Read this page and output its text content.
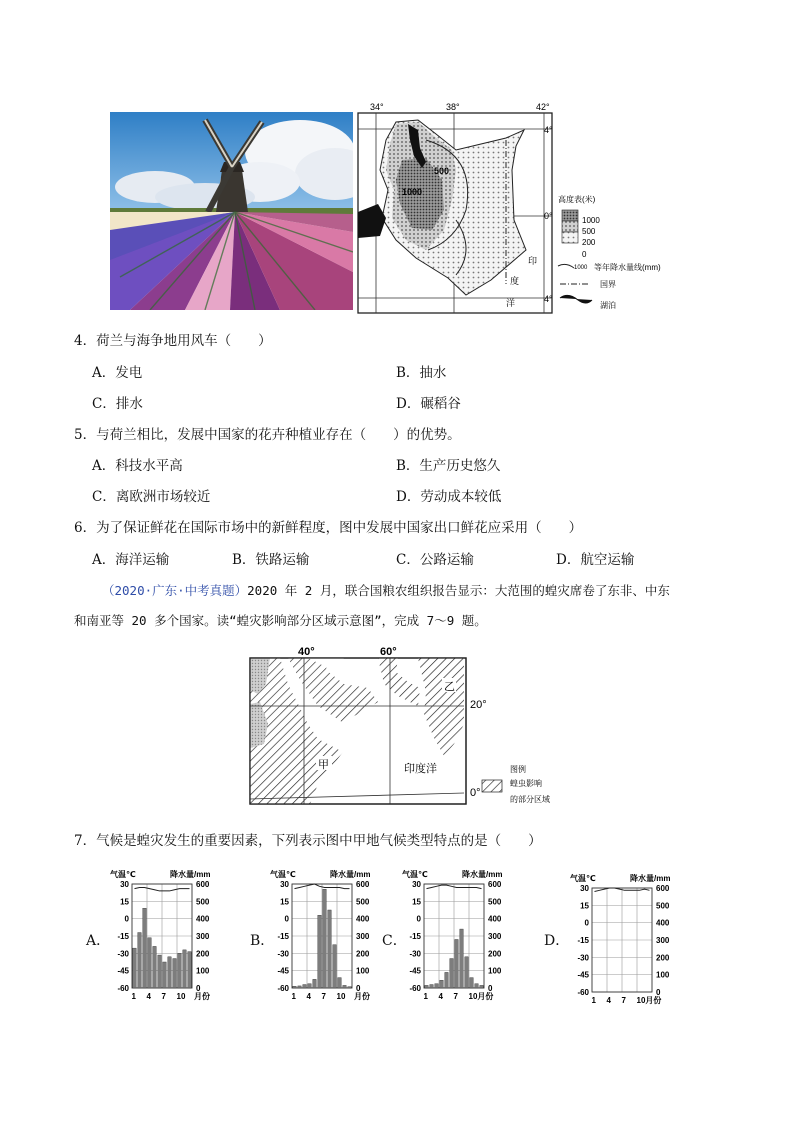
34°	38°	42°
4°
0°
4°
500
1000
印
度
洋
高度表(米)
1000
500
200
0
1000 等年降水量线(mm)
国界
湖泊
4．荷兰与海争地用风车（　　）
A．发电	B．抽水
C．排水	D．碾稻谷
5．与荷兰相比，发展中国家的花卉种植业存在（　　）的优势。
A．科技水平高	B．生产历史悠久
C．离欧洲市场较近	D．劳动成本较低
6．为了保证鲜花在国际市场中的新鲜程度，图中发展中国家出口鲜花应采用（　　）
A．海洋运输	B．铁路运输	C．公路运输	D．航空运输
（2020·广东·中考真题）2020 年 2 月，联合国粮农组织报告显示：大范围的蝗灾席卷了东非、中东
和南亚等 20 多个国家。读“蝗灾影响部分区域示意图”，完成 7～9 题。
40°	60°
20°
0°
甲
乙
印度洋	图例
蝗虫影响
的部分区域
7．气候是蝗灾发生的重要因素，下列表示图中甲地气候类型特点的是（　　）
A．	B．	C．	D．
气温℃	降水量/mm
30
15
0
-15
-30
-45
-60
600
500
400
300
200
100
0
1 4 7 10 月份
气温℃	降水量/mm
30
15
0
-15
-30
-45
-60
600
500
400
300
200
100
0
1 4 7 10 月份
气温℃	降水量/mm
30
15
0
-15
-30
-45
-60
600
500
400
300
200
100
0
1 4 7 10月份
气温℃	降水量/mm
30
15
0
-15
-30
-45
-60
600
500
400
300
200
100
0
1 4 7 10月份
